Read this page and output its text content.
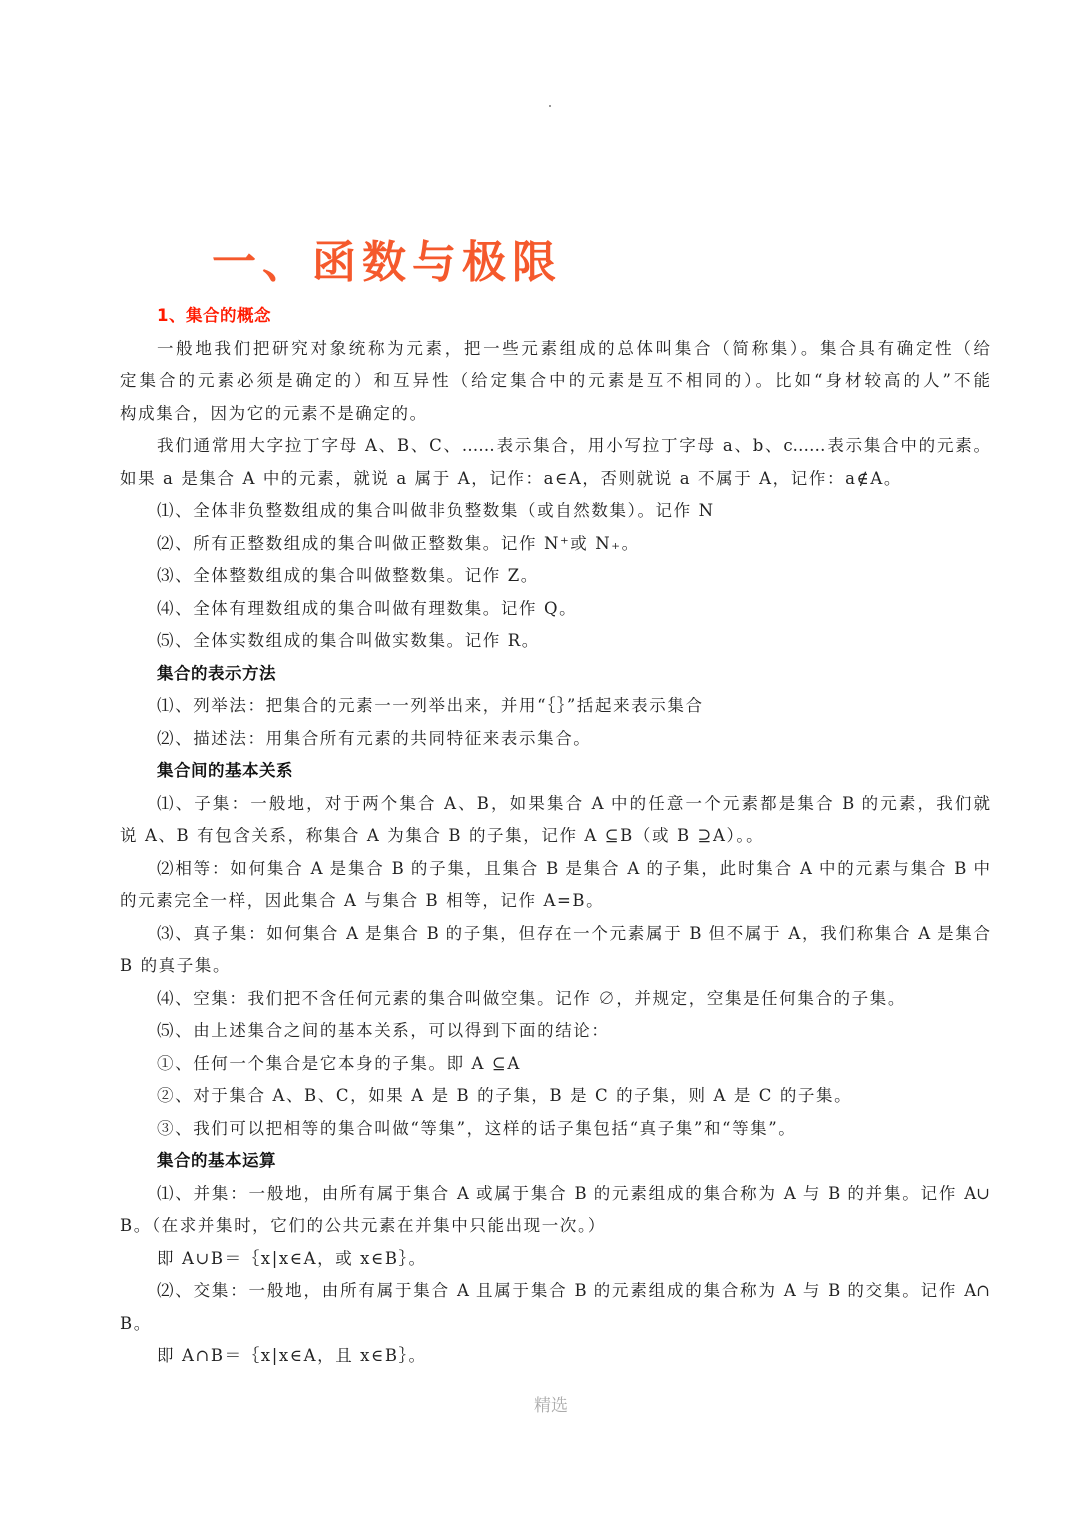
一、函数与极限
1、集合的概念
一般地我们把研究对象统称为元素，把一些元素组成的总体叫集合（简称集）。集合具有确定性（给
定集合的元素必须是确定的）和互异性（给定集合中的元素是互不相同的）。比如“身材较高的人”不能
构成集合，因为它的元素不是确定的。
我们通常用大字拉丁字母 A、B、C、……表示集合，用小写拉丁字母 a、b、c……表示集合中的元素。
如果 a 是集合 A 中的元素，就说 a 属于 A，记作：a∈A，否则就说 a 不属于 A，记作：a∉A。
⑴、全体非负整数组成的集合叫做非负整数集（或自然数集）。记作 N
⑵、所有正整数组成的集合叫做正整数集。记作 N⁺或 N₊。
⑶、全体整数组成的集合叫做整数集。记作 Z。
⑷、全体有理数组成的集合叫做有理数集。记作 Q。
⑸、全体实数组成的集合叫做实数集。记作 R。
集合的表示方法
⑴、列举法：把集合的元素一一列举出来，并用“｛｝”括起来表示集合
⑵、描述法：用集合所有元素的共同特征来表示集合。
集合间的基本关系
⑴、子集：一般地，对于两个集合 A、B，如果集合 A 中的任意一个元素都是集合 B 的元素，我们就
说 A、B 有包含关系，称集合 A 为集合 B 的子集，记作 A ⊆B（或 B ⊇A）。。
⑵相等：如何集合 A 是集合 B 的子集，且集合 B 是集合 A 的子集，此时集合 A 中的元素与集合 B 中
的元素完全一样，因此集合 A 与集合 B 相等，记作 A=B。
⑶、真子集：如何集合 A 是集合 B 的子集，但存在一个元素属于 B 但不属于 A，我们称集合 A 是集合
B 的真子集。
⑷、空集：我们把不含任何元素的集合叫做空集。记作 ∅，并规定，空集是任何集合的子集。
⑸、由上述集合之间的基本关系，可以得到下面的结论：
①、任何一个集合是它本身的子集。即 A ⊆A
②、对于集合 A、B、C，如果 A 是 B 的子集，B 是 C 的子集，则 A 是 C 的子集。
③、我们可以把相等的集合叫做“等集”，这样的话子集包括“真子集”和“等集”。
集合的基本运算
⑴、并集：一般地，由所有属于集合 A 或属于集合 B 的元素组成的集合称为 A 与 B 的并集。记作 A∪
B。（在求并集时，它们的公共元素在并集中只能出现一次。）
即 A∪B＝｛x|x∈A，或 x∈B｝。
⑵、交集：一般地，由所有属于集合 A 且属于集合 B 的元素组成的集合称为 A 与 B 的交集。记作 A∩
B。
即 A∩B＝｛x|x∈A，且 x∈B｝。
精选
